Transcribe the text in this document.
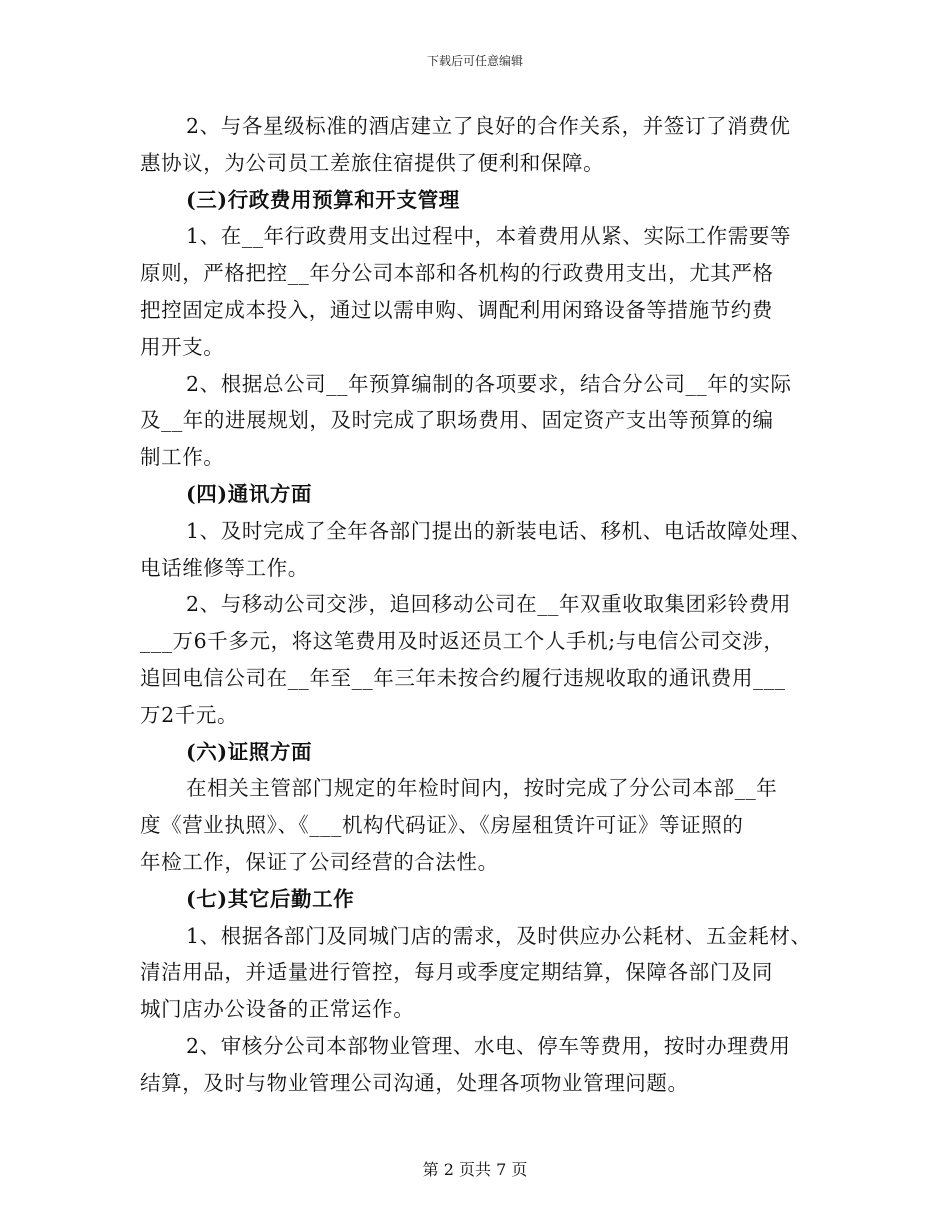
下载后可任意编辑
2、与各星级标准的酒店建立了良好的合作关系，并签订了消费优
惠协议，为公司员工差旅住宿提供了便利和保障。
(三)行政费用预算和开支管理
1、在__年行政费用支出过程中，本着费用从紧、实际工作需要等
原则，严格把控__年分公司本部和各机构的行政费用支出，尤其严格
把控固定成本投入，通过以需申购、调配利用闲臵设备等措施节约费
用开支。
2、根据总公司__年预算编制的各项要求，结合分公司__年的实际
及__年的进展规划，及时完成了职场费用、固定资产支出等预算的编
制工作。
(四)通讯方面
1、及时完成了全年各部门提出的新装电话、移机、电话故障处理、
电话维修等工作。
2、与移动公司交涉，追回移动公司在__年双重收取集团彩铃费用
___万6千多元，将这笔费用及时返还员工个人手机;与电信公司交涉，
追回电信公司在__年至__年三年未按合约履行违规收取的通讯费用___
万2千元。
(六)证照方面
在相关主管部门规定的年检时间内，按时完成了分公司本部__年
度《营业执照》、《___机构代码证》、《房屋租赁许可证》等证照的
年检工作，保证了公司经营的合法性。
(七)其它后勤工作
1、根据各部门及同城门店的需求，及时供应办公耗材、五金耗材、
清洁用品，并适量进行管控，每月或季度定期结算，保障各部门及同
城门店办公设备的正常运作。
2、审核分公司本部物业管理、水电、停车等费用，按时办理费用
结算，及时与物业管理公司沟通，处理各项物业管理问题。
第 2 页共 7 页
